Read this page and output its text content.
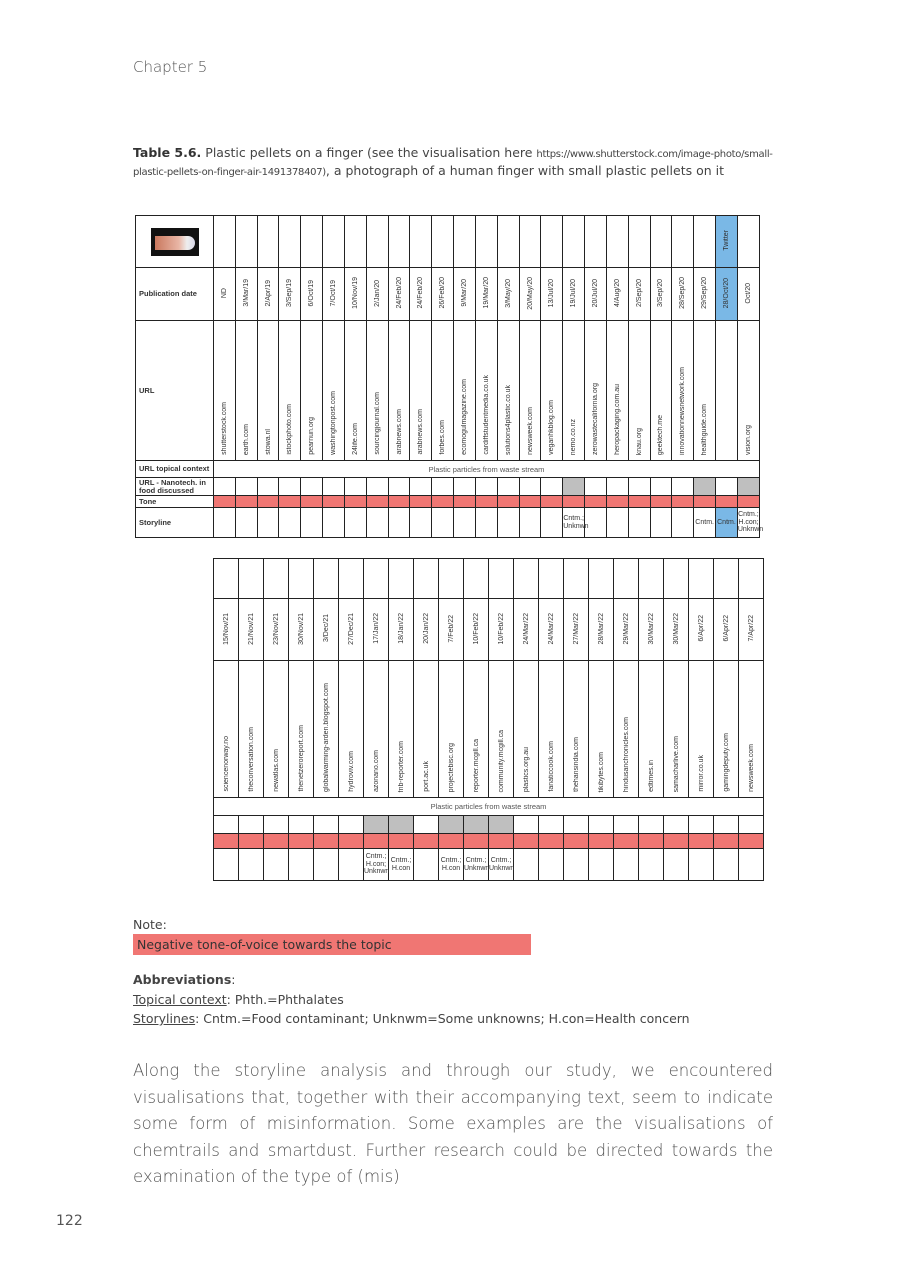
Chapter 5
Table 5.6. Plastic pellets on a finger (see the visualisation here https://www.shutterstock.com/image-photo/small-plastic-pellets-on-finger-air-1491378407), a photograph of a human finger with small plastic pellets on it
																								Twitter	
Publication date	ND	3/Mar/19	2/Apr/19	3/Sep/19	6/Oct/19	7/Oct/19	10/Nov/19	2/Jan/20	24/Feb/20	24/Feb/20	26/Feb/20	9/Mar/20	19/Mar/20	3/May/20	20/May/20	13/Jul/20	19/Jul/20	20/Jul/20	4/Aug/20	2/Sep/20	3/Sep/20	28/Sep/20	29/Sep/20	28/Oct/20	Oct/20
URL	shutterstock.com	earth.com	stowa.nl	istockphoto.com	pearnun.org	washingtonpost.com	24life.com	sourcingjournal.com	arabnews.com	arabnews.com	forbes.com	ecomogulmagazine.com	cardiffstudentmedia.co.uk	solutions4plastic.co.uk	newsweek.com	veganhkblog.com	nemo.co.nz	zerowastecalifornia.org	heropackaging.com.au	knau.org	geektech.me	innovationnewsnetwork.com	healthguide.com		vision.org
URL topical context	Plastic particles from waste stream																								
URL - Nanotech. in food discussed																									
Tone																									
Storyline																	Cntm.; Unknwn						Cntm.	Cntm.	Cntm.; H.con; Unknwn

15/Nov/21	21/Nov/21	23/Nov/21	30/Nov/21	3/Dec/21	27/Dec/21	17/Jan/22	18/Jan/22	20/Jan/22	7/Feb/22	10/Feb/22	10/Feb/22	24/Mar/22	24/Mar/22	27/Mar/22	28/Mar/22	29/Mar/22	30/Mar/22	30/Mar/22	6/Apr/22	6/Apr/22	7/Apr/22
sciencenorway.no	theconversation.com	newatlas.com	thenetzeroreport.com	globalwarming-arden.blogspot.com	hydroviv.com	azonano.com	fnb-reporter.com	port.ac.uk	projectebisc.org	reporter.mcgill.ca	community.mcgill.ca	plastics.org.au	fanaticcook.com	thehansindia.com	tikibytes.com	hindusanchronicles.com	edtimes.in	samacharlive.com	mirror.co.uk	gamingdeputy.com	newsweek.com
Plastic particles from waste stream																					

						Cntm.; H.con; Unknwn	Cntm.; H.con		Cntm.; H.con	Cntm.; Unknwn	Cntm.; Unknwn										
Note:
Negative tone-of-voice towards the topic
Abbreviations:
Topical context: Phth.=Phthalates
Storylines: Cntm.=Food contaminant; Unknwm=Some unknowns; H.con=Health concern
Along the storyline analysis and through our study, we encountered visualisations that, together with their accompanying text, seem to indicate some form of misinformation. Some examples are the visualisations of chemtrails and smartdust. Further research could be directed towards the examination of the type of (mis)
122
